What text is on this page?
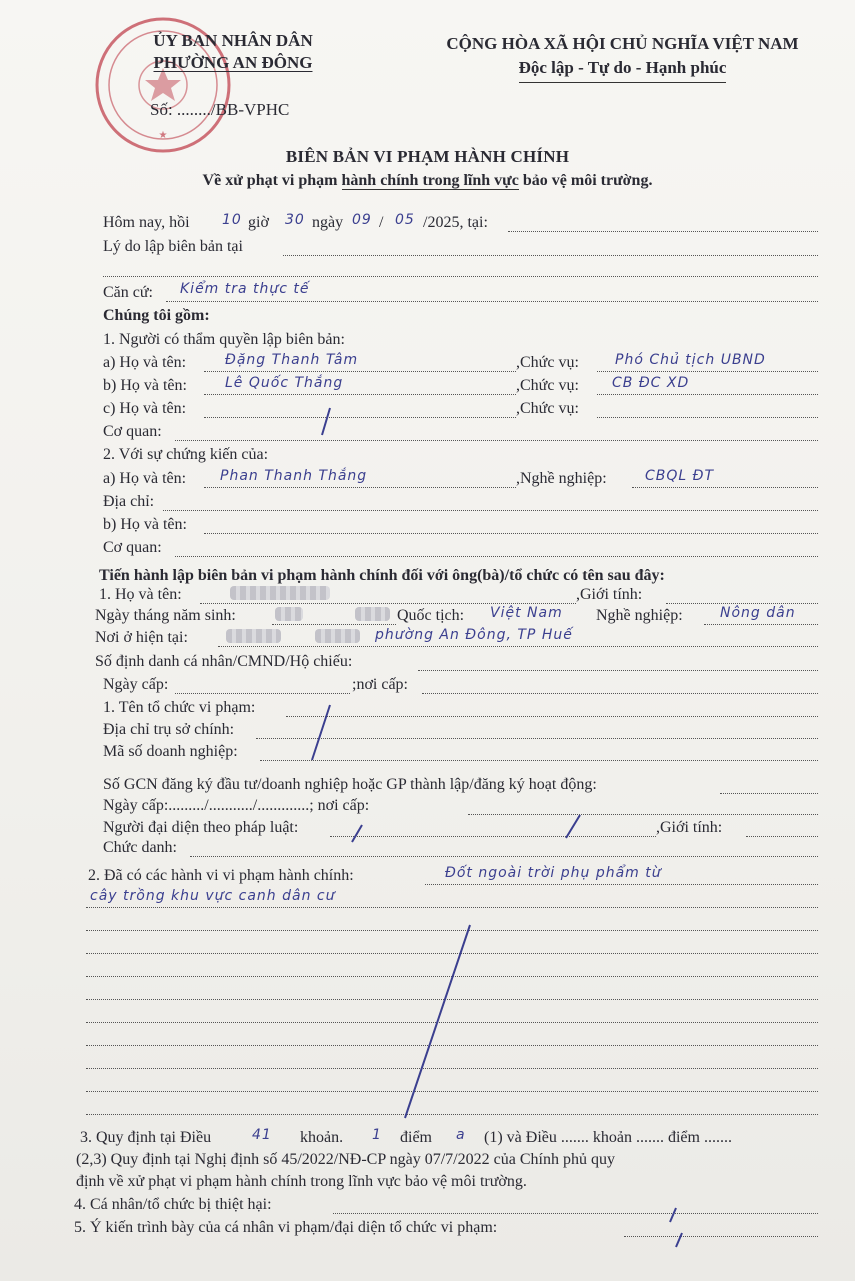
★
ỦY BAN NHÂN DÂN
PHƯỜNG AN ĐÔNG
CỘNG HÒA XÃ HỘI CHỦ NGHĨA VIỆT NAM
Độc lập - Tự do - Hạnh phúc
Số: ......../BB-VPHC
BIÊN BẢN VI PHẠM HÀNH CHÍNH
Về xử phạt vi phạm hành chính trong lĩnh vực bảo vệ môi trường.
Hôm nay, hồi 10 giờ 30 ngày 09 / 05 /2025, tại:
Lý do lập biên bản tại
Căn cứ: Kiểm tra thực tế
Chúng tôi gồm:
1. Người có thẩm quyền lập biên bản:
a) Họ và tên:	Đặng Thanh Tâm	,Chức vụ:	Phó Chủ tịch UBND
b) Họ và tên:	Lê Quốc Thắng	,Chức vụ: CB ĐC XD
c) Họ và tên:	,Chức vụ:
Cơ quan:
2. Với sự chứng kiến của:
a) Họ và tên: Phan Thanh Thắng	,Nghề nghiệp:	CBQL ĐT
Địa chỉ:
b) Họ và tên:
Cơ quan:
Tiến hành lập biên bản vi phạm hành chính đối với ông(bà)/tổ chức có tên sau đây:
1. Họ và tên:	,Giới tính:
Ngày tháng năm sinh:	Quốc tịch: Việt Nam Nghề nghiệp:	Nông dân
Nơi ở hiện tại:	phường An Đông, TP Huế
Số định danh cá nhân/CMND/Hộ chiếu:
Ngày cấp:	;nơi cấp:
1. Tên tổ chức vi phạm:
Địa chỉ trụ sở chính:
Mã số doanh nghiệp:
Số GCN đăng ký đầu tư/doanh nghiệp hoặc GP thành lập/đăng ký hoạt động:
Ngày cấp:........./.........../.............; nơi cấp:
Người đại diện theo pháp luật:	,Giới tính:
Chức danh:
2. Đã có các hành vi vi phạm hành chính:	Đốt ngoài trời phụ phẩm từ
cây trồng khu vực canh dân cư
3. Quy định tại Điều	41 khoản. 1 điểm a (1) và Điều ....... khoản ....... điểm .......
(2,3) Quy định tại Nghị định số 45/2022/NĐ-CP ngày 07/7/2022 của Chính phủ quy
định về xử phạt vi phạm hành chính trong lĩnh vực bảo vệ môi trường.
4. Cá nhân/tổ chức bị thiệt hại:
5. Ý kiến trình bày của cá nhân vi phạm/đại diện tổ chức vi phạm:
